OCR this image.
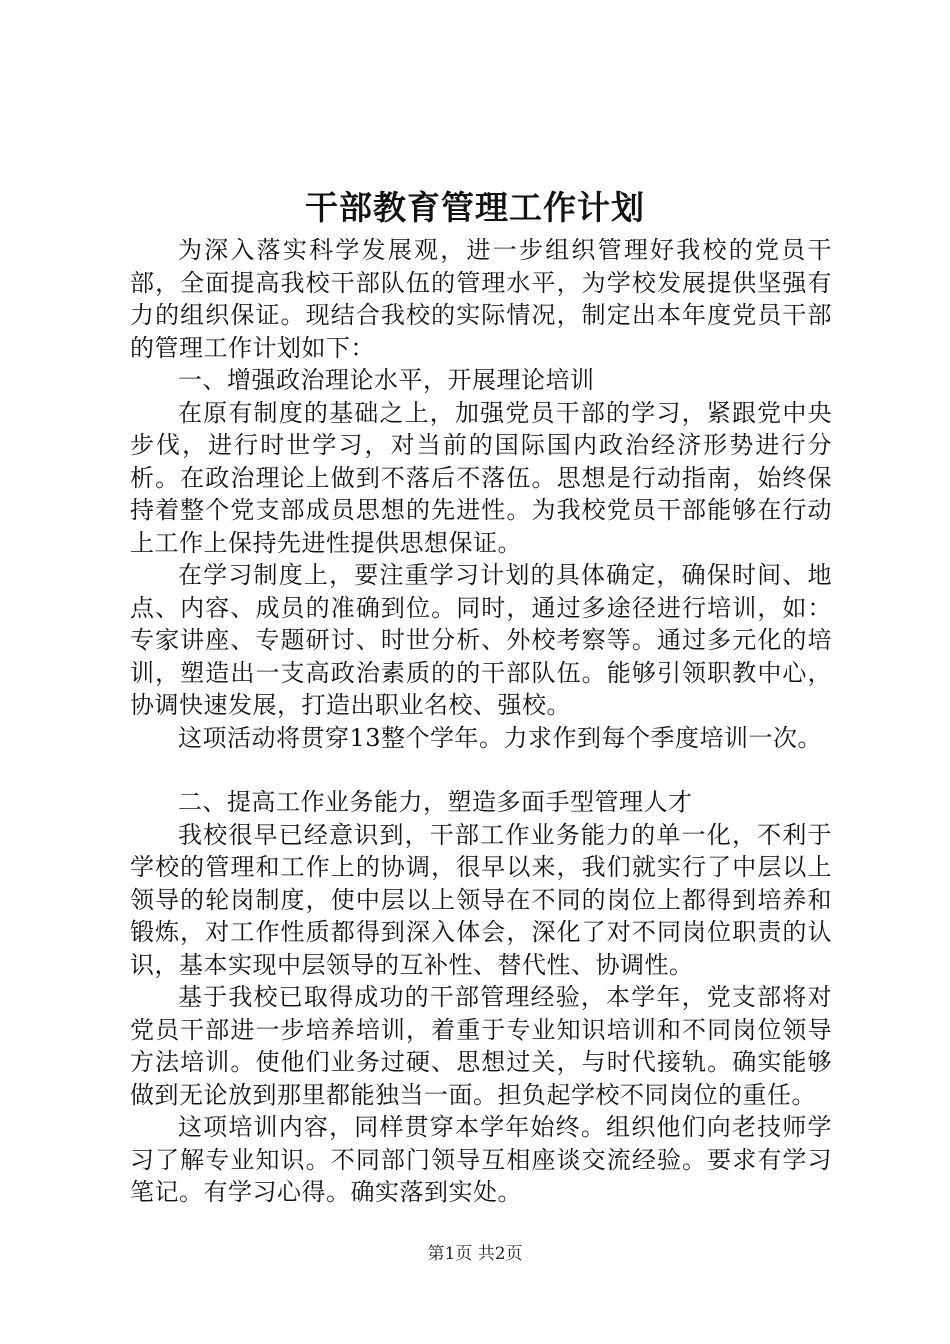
干部教育管理工作计划

为深入落实科学发展观，进一步组织管理好我校的党员干部，全面提高我校干部队伍的管理水平，为学校发展提供坚强有力的组织保证。现结合我校的实际情况，制定出本年度党员干部的管理工作计划如下：

一、增强政治理论水平，开展理论培训

在原有制度的基础之上，加强党员干部的学习，紧跟党中央步伐，进行时世学习，对当前的国际国内政治经济形势进行分析。在政治理论上做到不落后不落伍。思想是行动指南，始终保持着整个党支部成员思想的先进性。为我校党员干部能够在行动上工作上保持先进性提供思想保证。

在学习制度上，要注重学习计划的具体确定，确保时间、地点、内容、成员的准确到位。同时，通过多途径进行培训，如：专家讲座、专题研讨、时世分析、外校考察等。通过多元化的培训，塑造出一支高政治素质的的干部队伍。能够引领职教中心，协调快速发展，打造出职业名校、强校。

这项活动将贯穿13整个学年。力求作到每个季度培训一次。

二、提高工作业务能力，塑造多面手型管理人才

我校很早已经意识到，干部工作业务能力的单一化，不利于学校的管理和工作上的协调，很早以来，我们就实行了中层以上领导的轮岗制度，使中层以上领导在不同的岗位上都得到培养和锻炼，对工作性质都得到深入体会，深化了对不同岗位职责的认识，基本实现中层领导的互补性、替代性、协调性。

基于我校已取得成功的干部管理经验，本学年，党支部将对党员干部进一步培养培训，着重于专业知识培训和不同岗位领导方法培训。使他们业务过硬、思想过关，与时代接轨。确实能够做到无论放到那里都能独当一面。担负起学校不同岗位的重任。

这项培训内容，同样贯穿本学年始终。组织他们向老技师学习了解专业知识。不同部门领导互相座谈交流经验。要求有学习笔记。有学习心得。确实落到实处。

第1页 共2页
